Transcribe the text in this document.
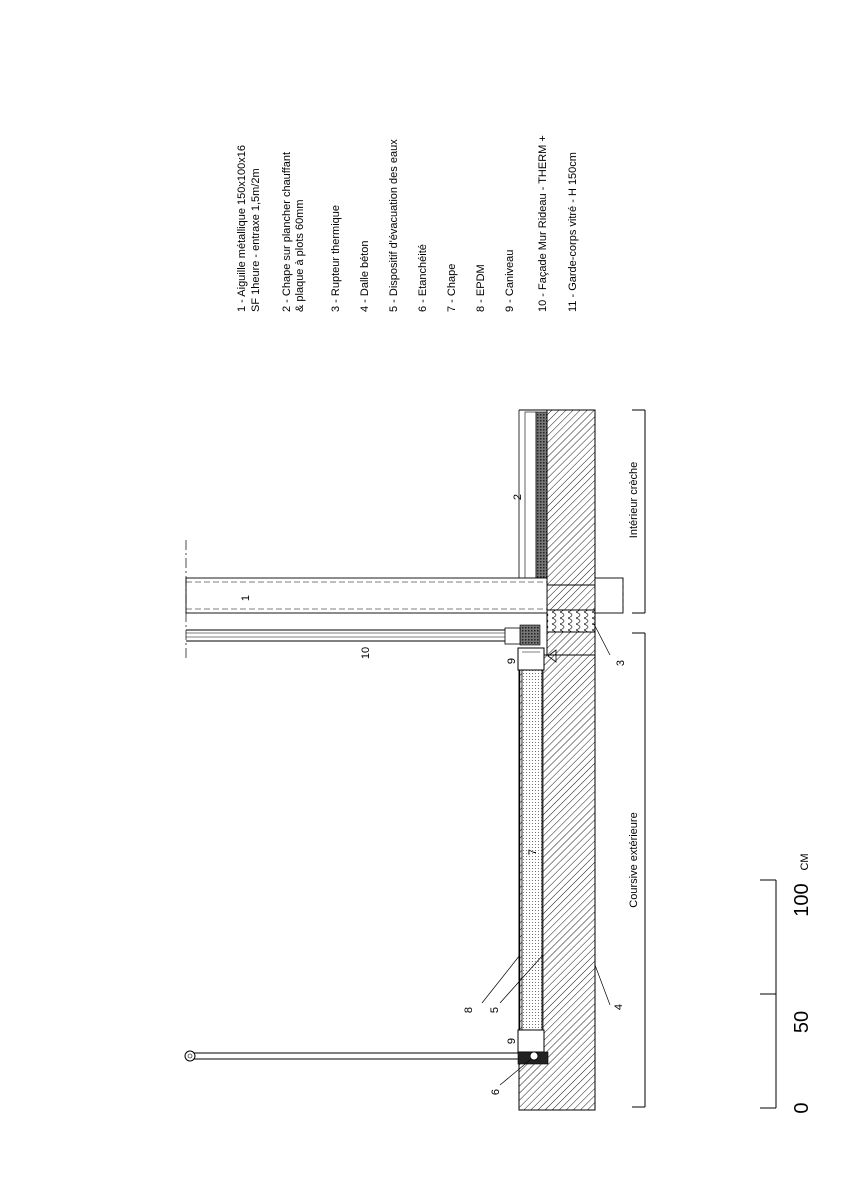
Coursive extérieure
Intérieur crèche
1
2
3
4
5
6
7
8
9
9
10
0
50
100
CM
1 - Aiguille métallique 150x100x16 SF 1heure - entraxe 1,5m/2m 2 - Chape sur plancher chauffant & plaque à plots 60mm 3 - Rupteur thermique 4 - Dalle béton 5 - Dispositif d'évacuation des eaux 6 - Etanchéité 7 - Chape 8 - EPDM 9 - Caniveau 10 - Façade Mur Rideau - THERM + 11 - Garde-corps vitré - H 150cm
